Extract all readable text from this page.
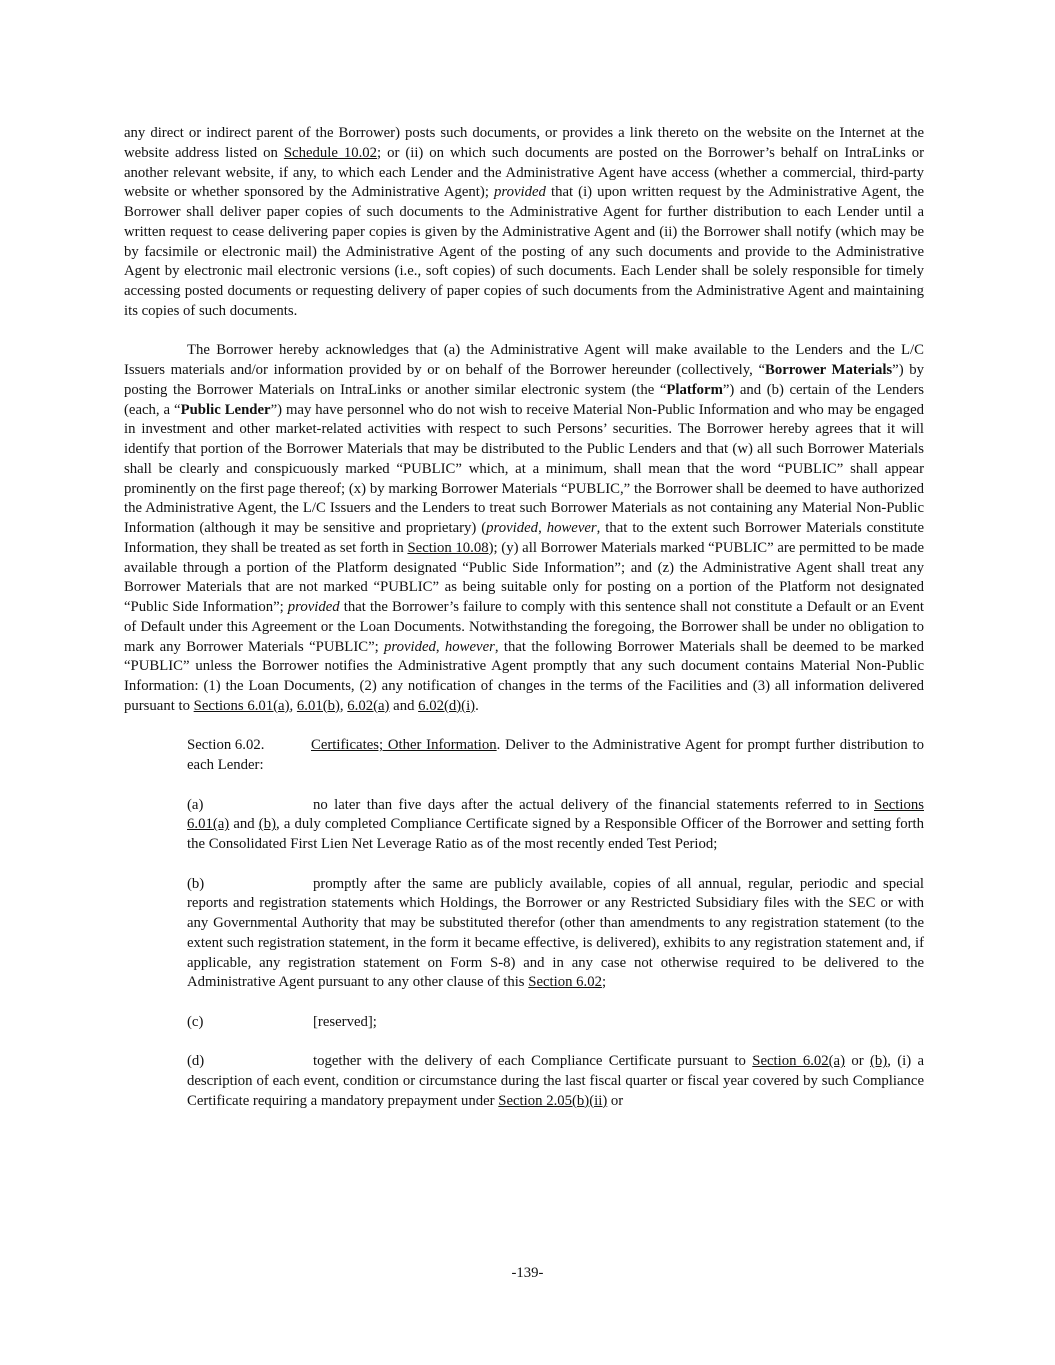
any direct or indirect parent of the Borrower) posts such documents, or provides a link thereto on the website on the Internet at the website address listed on Schedule 10.02; or (ii) on which such documents are posted on the Borrower’s behalf on IntraLinks or another relevant website, if any, to which each Lender and the Administrative Agent have access (whether a commercial, third-party website or whether sponsored by the Administrative Agent); provided that (i) upon written request by the Administrative Agent, the Borrower shall deliver paper copies of such documents to the Administrative Agent for further distribution to each Lender until a written request to cease delivering paper copies is given by the Administrative Agent and (ii) the Borrower shall notify (which may be by facsimile or electronic mail) the Administrative Agent of the posting of any such documents and provide to the Administrative Agent by electronic mail electronic versions (i.e., soft copies) of such documents. Each Lender shall be solely responsible for timely accessing posted documents or requesting delivery of paper copies of such documents from the Administrative Agent and maintaining its copies of such documents.

The Borrower hereby acknowledges that (a) the Administrative Agent will make available to the Lenders and the L/C Issuers materials and/or information provided by or on behalf of the Borrower hereunder (collectively, “Borrower Materials”) by posting the Borrower Materials on IntraLinks or another similar electronic system (the “Platform”) and (b) certain of the Lenders (each, a “Public Lender”) may have personnel who do not wish to receive Material Non-Public Information and who may be engaged in investment and other market-related activities with respect to such Persons’ securities. The Borrower hereby agrees that it will identify that portion of the Borrower Materials that may be distributed to the Public Lenders and that (w) all such Borrower Materials shall be clearly and conspicuously marked “PUBLIC” which, at a minimum, shall mean that the word “PUBLIC” shall appear prominently on the first page thereof; (x) by marking Borrower Materials “PUBLIC,” the Borrower shall be deemed to have authorized the Administrative Agent, the L/C Issuers and the Lenders to treat such Borrower Materials as not containing any Material Non-Public Information (although it may be sensitive and proprietary) (provided, however, that to the extent such Borrower Materials constitute Information, they shall be treated as set forth in Section 10.08); (y) all Borrower Materials marked “PUBLIC” are permitted to be made available through a portion of the Platform designated “Public Side Information”; and (z) the Administrative Agent shall treat any Borrower Materials that are not marked “PUBLIC” as being suitable only for posting on a portion of the Platform not designated “Public Side Information”; provided that the Borrower’s failure to comply with this sentence shall not constitute a Default or an Event of Default under this Agreement or the Loan Documents. Notwithstanding the foregoing, the Borrower shall be under no obligation to mark any Borrower Materials “PUBLIC”; provided, however, that the following Borrower Materials shall be deemed to be marked “PUBLIC” unless the Borrower notifies the Administrative Agent promptly that any such document contains Material Non-Public Information: (1) the Loan Documents, (2) any notification of changes in the terms of the Facilities and (3) all information delivered pursuant to Sections 6.01(a), 6.01(b), 6.02(a) and 6.02(d)(i).

Section 6.02.	Certificates; Other Information. Deliver to the Administrative Agent for prompt further distribution to each Lender:

(a)	no later than five days after the actual delivery of the financial statements referred to in Sections 6.01(a) and (b), a duly completed Compliance Certificate signed by a Responsible Officer of the Borrower and setting forth the Consolidated First Lien Net Leverage Ratio as of the most recently ended Test Period;

(b)	promptly after the same are publicly available, copies of all annual, regular, periodic and special reports and registration statements which Holdings, the Borrower or any Restricted Subsidiary files with the SEC or with any Governmental Authority that may be substituted therefor (other than amendments to any registration statement (to the extent such registration statement, in the form it became effective, is delivered), exhibits to any registration statement and, if applicable, any registration statement on Form S-8) and in any case not otherwise required to be delivered to the Administrative Agent pursuant to any other clause of this Section 6.02;

(c)	[reserved];

(d)	together with the delivery of each Compliance Certificate pursuant to Section 6.02(a) or (b), (i) a description of each event, condition or circumstance during the last fiscal quarter or fiscal year covered by such Compliance Certificate requiring a mandatory prepayment under Section 2.05(b)(ii) or

-139-
